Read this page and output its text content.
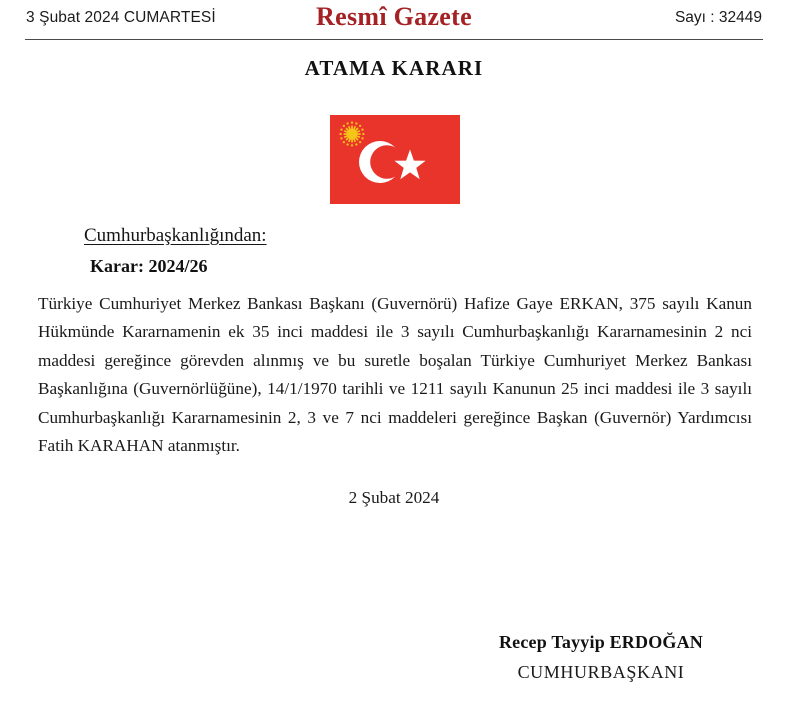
3 Şubat 2024 CUMARTESİ	Resmî Gazete	Sayı : 32449
ATAMA KARARI
Cumhurbaşkanlığından:
Karar: 2024/26
Türkiye Cumhuriyet Merkez Bankası Başkanı (Guvernörü) Hafize Gaye ERKAN, 375 sayılı Kanun Hükmünde Kararnamenin ek 35 inci maddesi ile 3 sayılı Cumhurbaşkanlığı Kararnamesinin 2 nci maddesi gereğince görevden alınmış ve bu suretle boşalan Türkiye Cumhuriyet Merkez Bankası Başkanlığına (Guvernörlüğüne), 14/1/1970 tarihli ve 1211 sayılı Kanunun 25 inci maddesi ile 3 sayılı Cumhurbaşkanlığı Kararnamesinin 2, 3 ve 7 nci maddeleri gereğince Başkan (Guvernör) Yardımcısı Fatih KARAHAN atanmıştır.
2 Şubat 2024
Recep Tayyip ERDOĞAN
CUMHURBAŞKANI
